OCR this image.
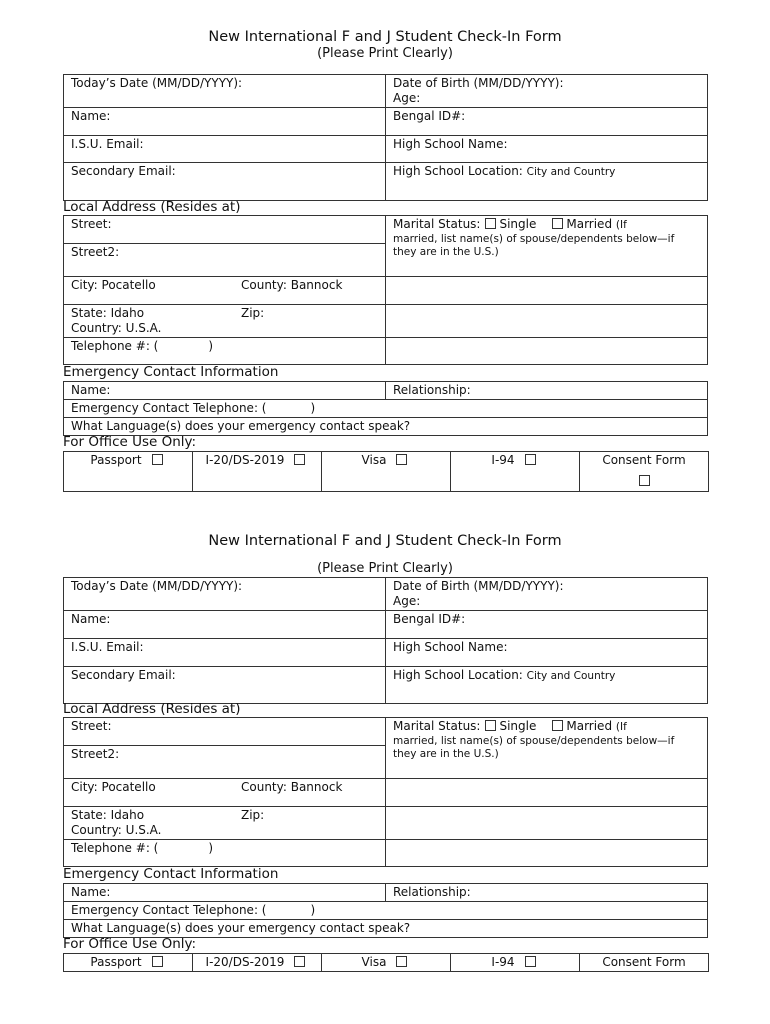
New International F and J Student Check-In Form
(Please Print Clearly)
Today’s Date (MM/DD/YYYY):	Date of Birth (MM/DD/YYYY):
Age:

Name:	Bengal ID#:
I.S.U. Email:	High School Name:
Secondary Email:	High School Location: City and Country
Local Address (Resides at)
Street:	Marital Status: Single Married (If
married, list name(s) of spouse/dependents below—if they are in the U.S.)

Street2:	
City: Pocatello County: Bannock	
State: Idaho Zip:
Country: U.S.A.	

Telephone #: ( )	
Emergency Contact Information
Name:	Relationship:
Emergency Contact Telephone: (	)
What Language(s) does your emergency contact speak?
For Office Use Only:
Passport	I-20/DS-2019	Visa	I-94	Consent Form
New International F and J Student Check-In Form
(Please Print Clearly)
Today’s Date (MM/DD/YYYY):	Date of Birth (MM/DD/YYYY):
Age:

Name:	Bengal ID#:
I.S.U. Email:	High School Name:
Secondary Email:	High School Location: City and Country
Local Address (Resides at)
Street:	Marital Status: Single Married (If
married, list name(s) of spouse/dependents below—if they are in the U.S.)

Street2:	
City: Pocatello County: Bannock	
State: Idaho Zip:
Country: U.S.A.	

Telephone #: ( )	
Emergency Contact Information
Name:	Relationship:
Emergency Contact Telephone: (	)
What Language(s) does your emergency contact speak?
For Office Use Only:
Passport	I-20/DS-2019	Visa	I-94	Consent Form
